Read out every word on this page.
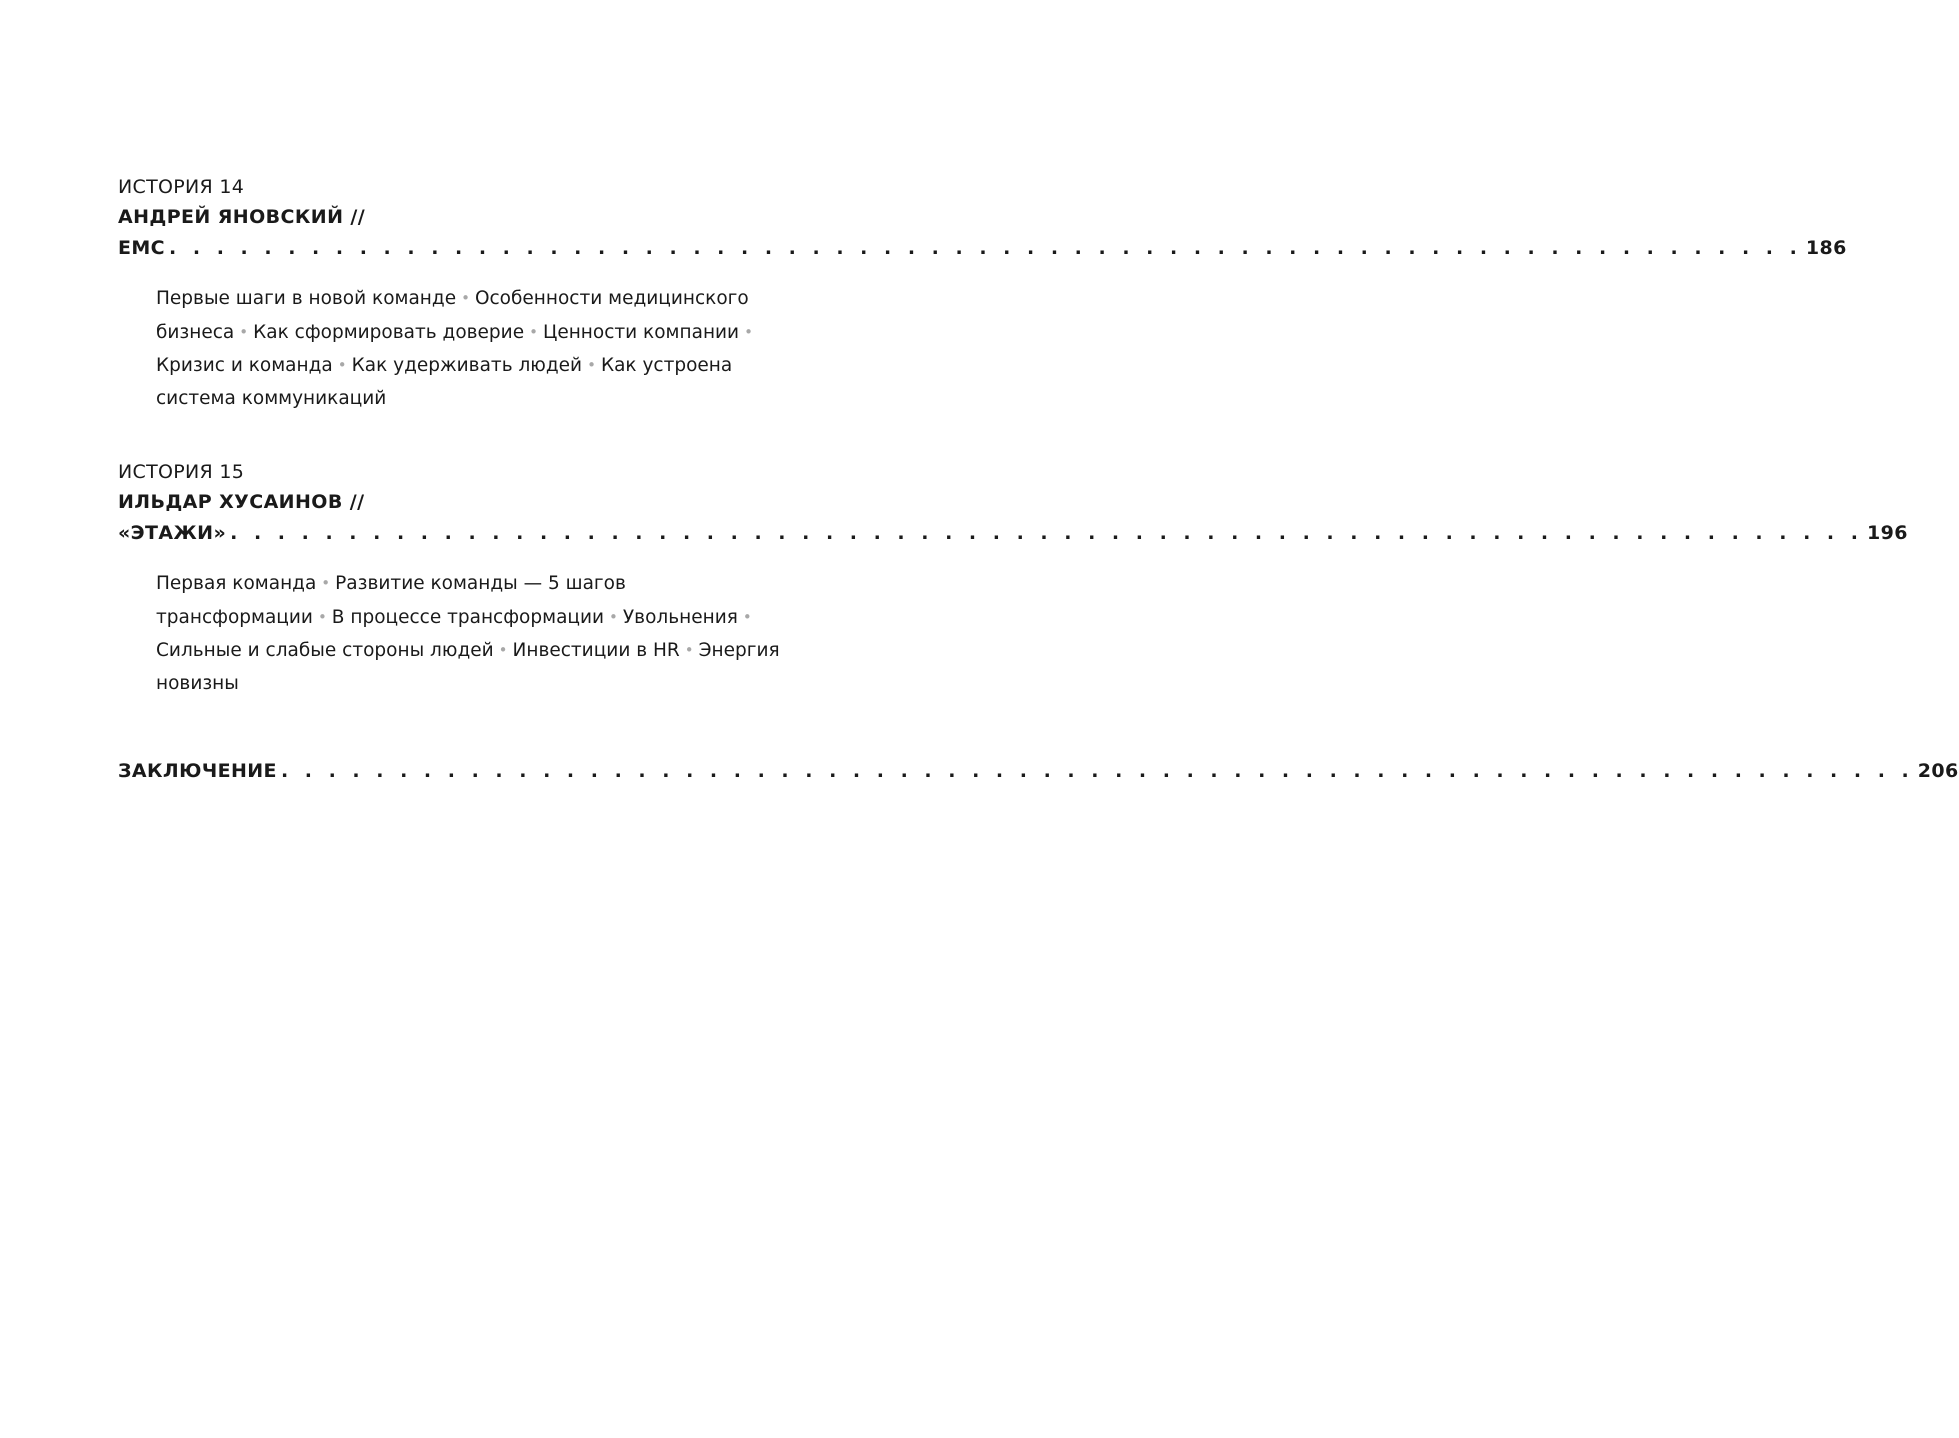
ИСТОРИЯ 14
АНДРЕЙ ЯНОВСКИЙ //
EMC . . . . . . . . . . . . . . . . . . . . . . . . . . . . . . . . . . . . . . . . . . . . . . . . . . . . . . . . . . . . . . . . . . . . . 186
Первые шаги в новой команде • Особенности медицинского бизнеса • Как сформировать доверие • Ценности компании • Кризис и команда • Как удерживать людей • Как устроена система коммуникаций
ИСТОРИЯ 15
ИЛЬДАР ХУСАИНОВ //
«ЭТАЖИ» . . . . . . . . . . . . . . . . . . . . . . . . . . . . . . . . . . . . . . . . . . . . . . . . . . . . . . . . . . . . . . . . . . . . . 196
Первая команда • Развитие команды — 5 шагов трансформации • В процессе трансформации • Увольнения • Сильные и слабые стороны людей • Инвестиции в HR • Энергия новизны
ЗАКЛЮЧЕНИЕ . . . . . . . . . . . . . . . . . . . . . . . . . . . . . . . . . . . . . . . . . . . . . . . . . . . . . . . . . . . . . . . . . . . . . 206
